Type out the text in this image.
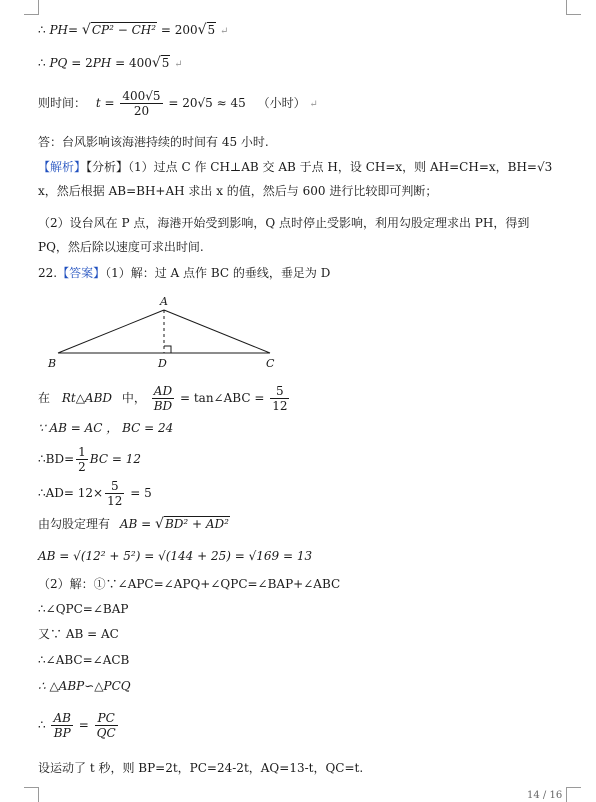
∴ PH= √CP² − CH² = 200√5 ↵
∴ PQ = 2PH = 400√5 ↵
则时间： $t = \frac{400√5}{20} = 20√5 \approx 45$ （小时） ↵
答：台风影响该海港持续的时间有 45 小时.
【解析】【分析】（1）过点 C 作 CH⊥AB 交 AB 于点 H，设 CH=x，则 AH=CH=x，BH=√3 x，然后根据 AB=BH+AH 求出 x 的值，然后与 600 进行比较即可判断；
（2）设台风在 P 点，海港开始受到影响，Q 点时停止受影响，利用勾股定理求出 PH，得到 PQ，然后除以速度可求出时间.
22.【答案】（1）解：过 A 点作 BC 的垂线，垂足为 D
A
B	C
D
在 Rt△ABD 中， $\frac{AD}{BD}$ = tan∠ABC = $\frac{5}{12}$
∵ AB = AC ， BC = 24
∴BD= $\frac{1}{2}$ BC = 12
∴AD= $12\times \frac{5}{12} = 5$
由勾股定理有 AB = √BD² + AD²
AB = √(12² + 5²) = √(144 + 25) = √169 = 13
（2）解：①∵∠APC=∠APQ+∠QPC=∠BAP+∠ABC
∴∠QPC=∠BAP
又∵ AB = AC
∴∠ABC=∠ACB
∴ △ABP∽△PCQ
∴ $\frac{AB}{BP} = \frac{PC}{QC}$
设运动了 t 秒，则 BP=2t，PC=24-2t，AQ=13-t，QC=t.
14 / 16
